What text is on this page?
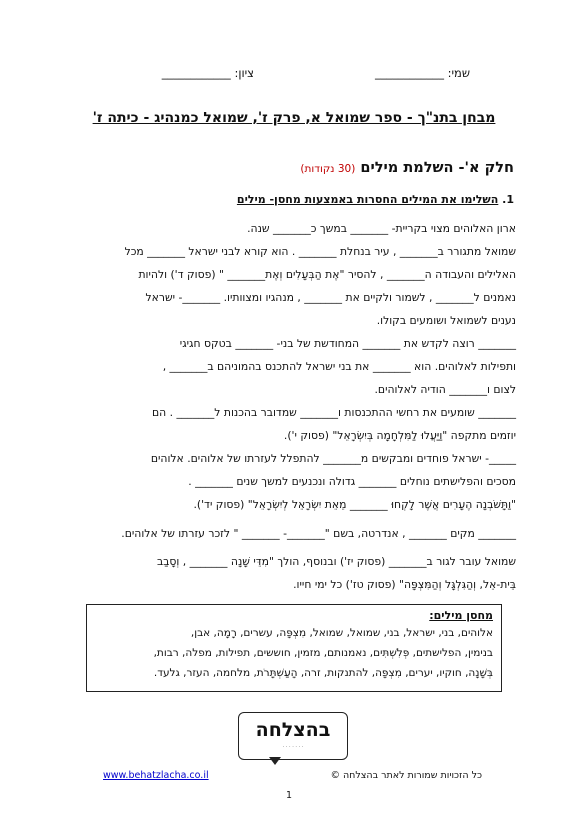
שמי: ____________
ציון: ____________
מבחן בתנ"ך - ספר שמואל א, פרק ז', שמואל כמנהיג - כיתה ז'
חלק א'- השלמת מילים (30 נקודות)
1. השלימו את המילים החסרות באמצעות מחסן- מילים
ארון האלוהים מצוי בקריית- _______ במשך כ_______ שנה.
שמואל מתגורר ב_______ , עיר בנחלת _______ . הוא קורא לבני ישראל _______ מכל
האלילים והעבודה ה_______ , להסיר "אֶת הַבְּעָלִים וְאֶת_______ " (פסוק ד') ולהיות
נאמנים ל_______ , לשמור ולקיים את _______ , מנהגיו ומצוותיו. _______- ישראל
נענים לשמואל ושומעים בקולו.
_______ רוצה לקדש את _______ המחודשת של בני- _______ בטקס חגיגי
ותפילות לאלוהים. הוא _______ את בני ישראל להתכנס בהמוניהם ב_______ ,
לצום ו_______ הודיה לאלוהים.
_______ שומעים את רחשי ההתכנסות ו_______ שמדובר בהכנות ל_______ . הם
יוזמים מתקפה "וַיַּעֲלוּ לַמִּלְחָמָה בְּיִשְׂרָאֵל" (פסוק י').
_____- ישראל פוחדים ומבקשים מ_______ להתפלל לעזרתו של אלוהים. אלוהים
מסכים והפלישתים נוחלים _______ גדולה ונכנעים למשך שנים _______ .
"וַתָּשֹׁבְנָה הֶעָרִים אֲשֶׁר לָקְחוּ _______ מֵאֵת יִשְׂרָאֵל לְיִשְׂרָאֵל" (פסוק יד').
_______ מקים _______ , אנדרטה, בשם "_______- _______ " לזכר עזרתו של אלוהים.
שמואל עובר לגור ב_______ (פסוק יז') ובנוסף, הולך "מִדֵּי שָׁנָה _______ , וְסָבַב
בֵּית-אֵל, וְהַגִּלְגָּל וְהַמִּצְפָּה" (פסוק טז') כל ימי חייו.
מחסן מילים:
אלוהים, בני, ישראל, בני, שמואל, שמואל, מִצְפָּה, עשרים, רָמָה, אבן,
בנימין, הפלישתים, פְּלִשְׁתִּים, נאמנותם, מזמין, חוששים, תפילות, מפלה, רבות,
בְּשָׁנָה, חוקיו, יערים, מִצְפָּה, להתנקות, זרה, הָעַשְׁתָּרֹת, מלחמה, העזר, גלעד.
בהצלחה
· · · · · · ·
www.behatzlacha.co.il	כל הזכויות שמורות לאתר בהצלחה ©
1
